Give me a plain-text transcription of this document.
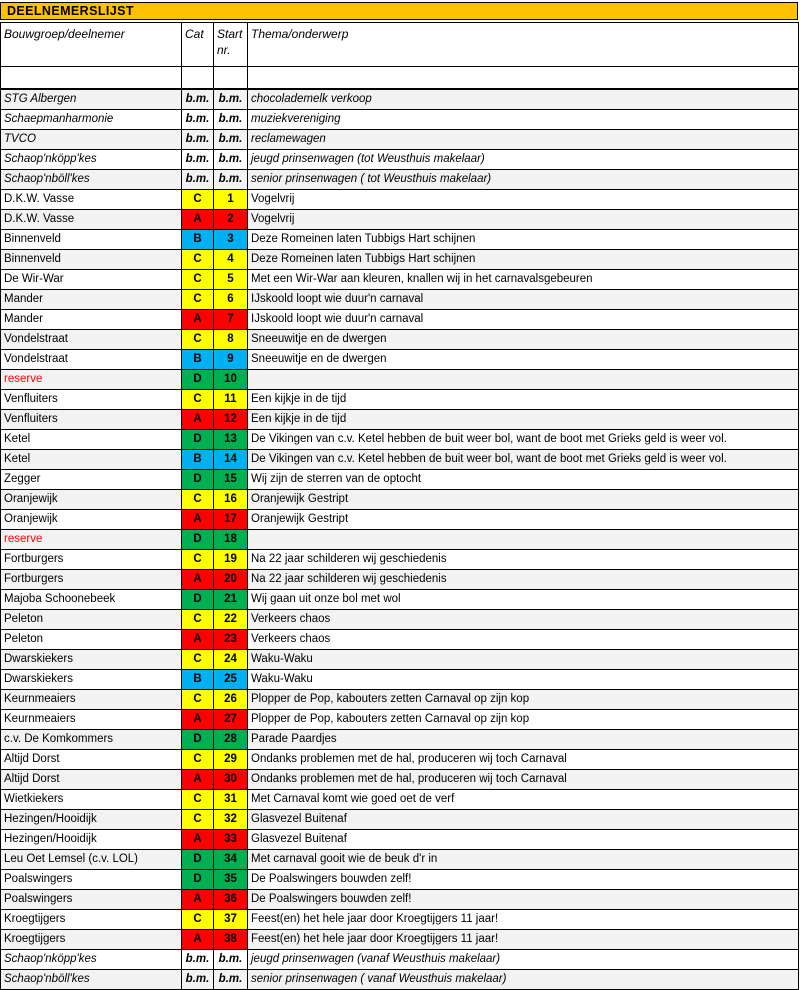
DEELNEMERSLIJST
Bouwgroep/deelnemer	Cat	Start nr.	Thema/onderwerp

STG Albergen	b.m.	b.m.	chocolademelk verkoop
Schaepmanharmonie	b.m.	b.m.	muziekvereniging
TVCO	b.m.	b.m.	reclamewagen
Schaop'nköpp'kes	b.m.	b.m.	jeugd prinsenwagen (tot Weusthuis makelaar)
Schaop'nböll'kes	b.m.	b.m.	senior prinsenwagen ( tot Weusthuis makelaar)
D.K.W. Vasse	C	1	Vogelvrij
D.K.W. Vasse	A	2	Vogelvrij
Binnenveld	B	3	Deze Romeinen laten Tubbigs Hart schijnen
Binnenveld	C	4	Deze Romeinen laten Tubbigs Hart schijnen
De Wir-War	C	5	Met een Wir-War aan kleuren, knallen wij in het carnavalsgebeuren
Mander	C	6	IJskoold loopt wie duur'n carnaval
Mander	A	7	IJskoold loopt wie duur'n carnaval
Vondelstraat	C	8	Sneeuwitje en de dwergen
Vondelstraat	B	9	Sneeuwitje en de dwergen
reserve	D	10	
Venfluiters	C	11	Een kijkje in de tijd
Venfluiters	A	12	Een kijkje in de tijd
Ketel	D	13	De Vikingen van c.v. Ketel hebben de buit weer bol, want de boot met Grieks geld is weer vol.
Ketel	B	14	De Vikingen van c.v. Ketel hebben de buit weer bol, want de boot met Grieks geld is weer vol.
Zegger	D	15	Wij zijn de sterren van de optocht
Oranjewijk	C	16	Oranjewijk Gestript
Oranjewijk	A	17	Oranjewijk Gestript
reserve	D	18	
Fortburgers	C	19	Na 22 jaar schilderen wij geschiedenis
Fortburgers	A	20	Na 22 jaar schilderen wij geschiedenis
Majoba Schoonebeek	D	21	Wij gaan uit onze bol met wol
Peleton	C	22	Verkeers chaos
Peleton	A	23	Verkeers chaos
Dwarskiekers	C	24	Waku-Waku
Dwarskiekers	B	25	Waku-Waku
Keurnmeaiers	C	26	Plopper de Pop, kabouters zetten Carnaval op zijn kop
Keurnmeaiers	A	27	Plopper de Pop, kabouters zetten Carnaval op zijn kop
c.v. De Komkommers	D	28	Parade Paardjes
Altijd Dorst	C	29	Ondanks problemen met de hal, produceren wij toch Carnaval
Altijd Dorst	A	30	Ondanks problemen met de hal, produceren wij toch Carnaval
Wietkiekers	C	31	Met Carnaval komt wie goed oet de verf
Hezingen/Hooidijk	C	32	Glasvezel Buitenaf
Hezingen/Hooidijk	A	33	Glasvezel Buitenaf
Leu Oet Lemsel (c.v. LOL)	D	34	Met carnaval gooit wie de beuk d'r in
Poalswingers	D	35	De Poalswingers bouwden zelf!
Poalswingers	A	36	De Poalswingers bouwden zelf!
Kroegtijgers	C	37	Feest(en) het hele jaar door Kroegtijgers 11 jaar!
Kroegtijgers	A	38	Feest(en) het hele jaar door Kroegtijgers 11 jaar!
Schaop'nköpp'kes	b.m.	b.m.	jeugd prinsenwagen (vanaf Weusthuis makelaar)
Schaop'nböll'kes	b.m.	b.m.	senior prinsenwagen ( vanaf Weusthuis makelaar)
